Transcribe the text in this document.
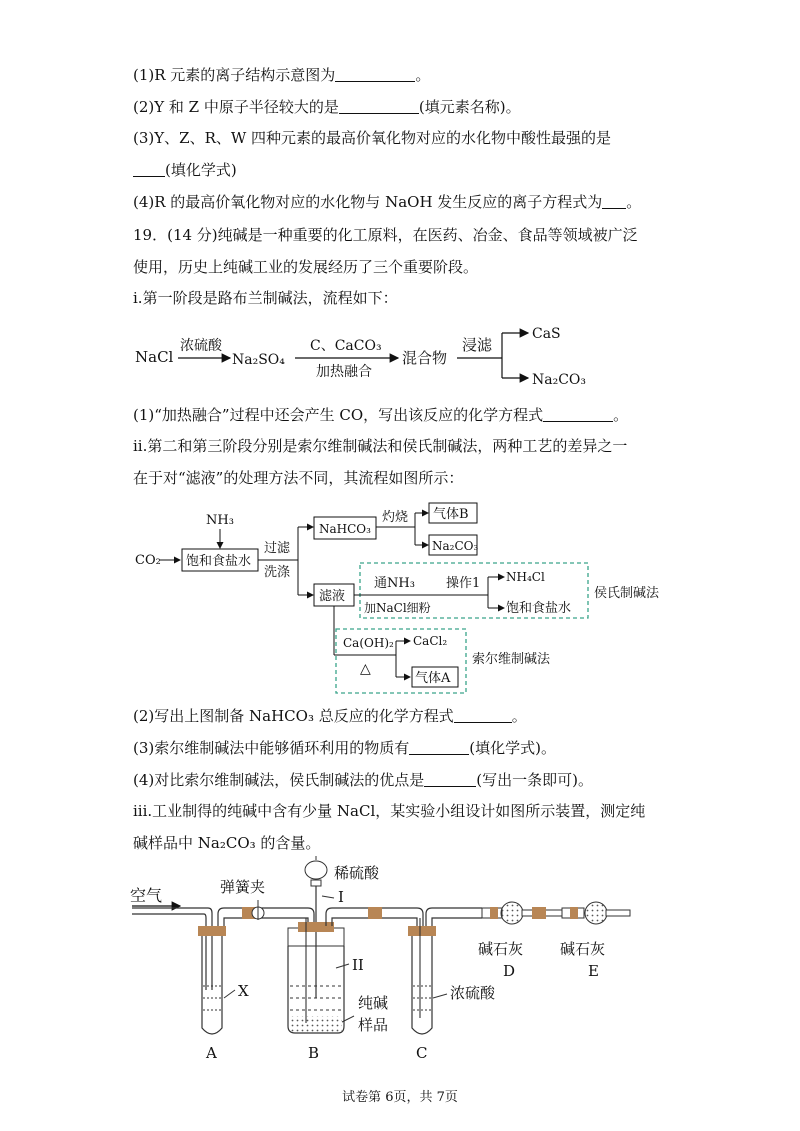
(1)R 元素的离子结构示意图为	。
(2)Y 和 Z 中原子半径较大的是	(填元素名称)。
(3)Y、Z、R、W 四种元素的最高价氧化物对应的水化物中酸性最强的是
(填化学式)
(4)R 的最高价氧化物对应的水化物与 NaOH 发生反应的离子方程式为 。
19．(14 分)纯碱是一种重要的化工原料，在医药、冶金、食品等领域被广泛
使用，历史上纯碱工业的发展经历了三个重要阶段。
i.第一阶段是路布兰制碱法，流程如下：
NaCl
浓硫酸
Na₂SO₄
C、CaCO₃
加热融合
混合物
浸滤
CaS
Na₂CO₃
(1)“加热融合”过程中还会产生 CO，写出该反应的化学方程式	。
ii.第二和第三阶段分别是索尔维制碱法和侯氏制碱法，两种工艺的差异之一
在于对“滤液”的处理方法不同，其流程如图所示：
CO₂
NH₃
饱和食盐水
过滤
洗涤
NaHCO₃
灼烧 气体B
Na₂CO₃
滤液
通NH₃
加NaCl细粉
操作1 NH₄Cl
饱和食盐水
侯氏制碱法
Ca(OH)₂
△
CaCl₂
气体A
索尔维制碱法
(2)写出上图制备 NaHCO₃ 总反应的化学方程式	。
(3)索尔维制碱法中能够循环利用的物质有	(填化学式)。
(4)对比索尔维制碱法，侯氏制碱法的优点是	(写出一条即可)。
iii.工业制得的纯碱中含有少量 NaCl，某实验小组设计如图所示装置，测定纯
碱样品中 Na₂CO₃ 的含量。
空气
X
A
弹簧夹
稀硫酸
I
II
纯碱
样品
B
浓硫酸
C
碱石灰 碱石灰
D	E
试卷第 6页，共 7页
